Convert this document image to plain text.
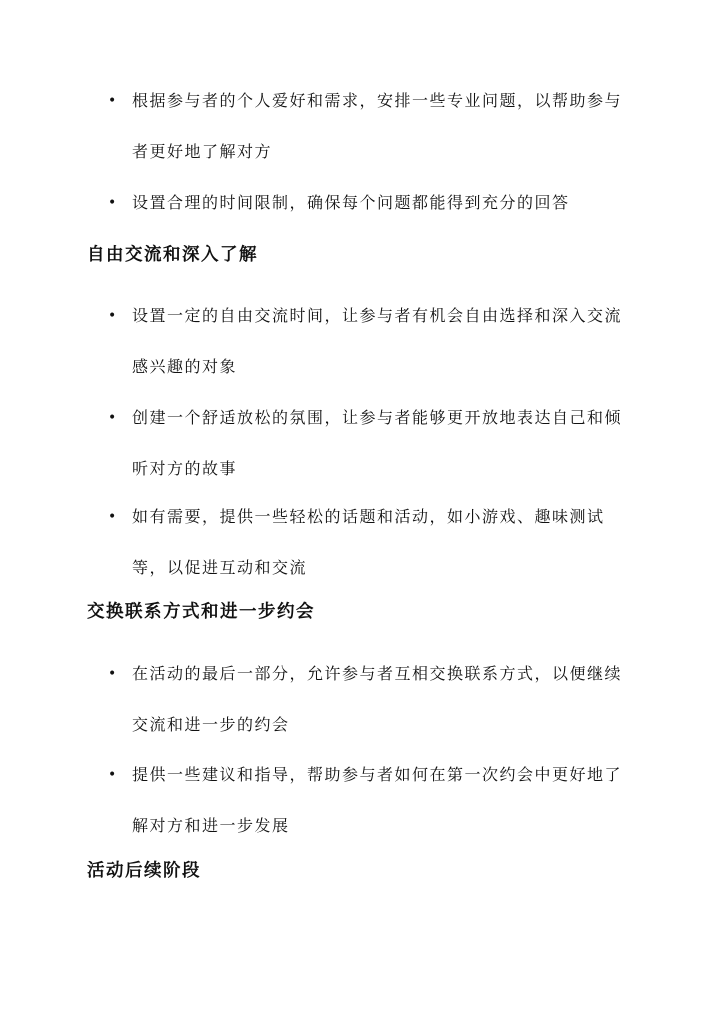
• 根据参与者的个人爱好和需求，安排一些专业问题，以帮助参与者更好地了解对方
• 设置合理的时间限制，确保每个问题都能得到充分的回答
自由交流和深入了解
• 设置一定的自由交流时间，让参与者有机会自由选择和深入交流感兴趣的对象
• 创建一个舒适放松的氛围，让参与者能够更开放地表达自己和倾听对方的故事
• 如有需要，提供一些轻松的话题和活动，如小游戏、趣味测试等，以促进互动和交流
交换联系方式和进一步约会
• 在活动的最后一部分，允许参与者互相交换联系方式，以便继续交流和进一步的约会
• 提供一些建议和指导，帮助参与者如何在第一次约会中更好地了解对方和进一步发展
活动后续阶段
